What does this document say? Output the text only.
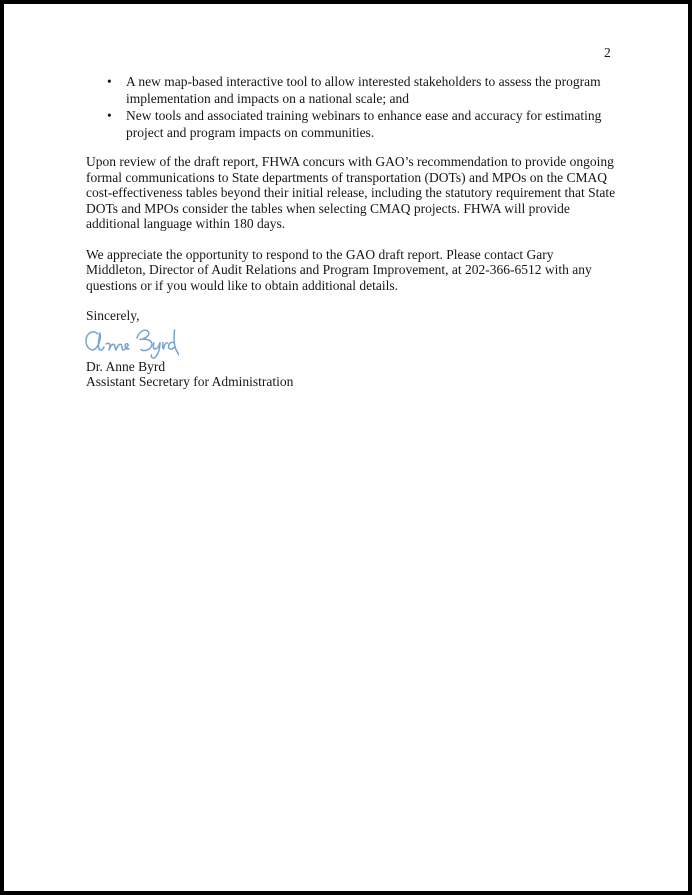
2
• A new map-based interactive tool to allow interested stakeholders to assess the program implementation and impacts on a national scale; and
• New tools and associated training webinars to enhance ease and accuracy for estimating project and program impacts on communities.

Upon review of the draft report, FHWA concurs with GAO’s recommendation to provide ongoing formal communications to State departments of transportation (DOTs) and MPOs on the CMAQ cost-effectiveness tables beyond their initial release, including the statutory requirement that State DOTs and MPOs consider the tables when selecting CMAQ projects. FHWA will provide additional language within 180 days.

We appreciate the opportunity to respond to the GAO draft report. Please contact Gary Middleton, Director of Audit Relations and Program Improvement, at 202-366-6512 with any questions or if you would like to obtain additional details.

Sincerely,

Dr. Anne Byrd

Assistant Secretary for Administration
